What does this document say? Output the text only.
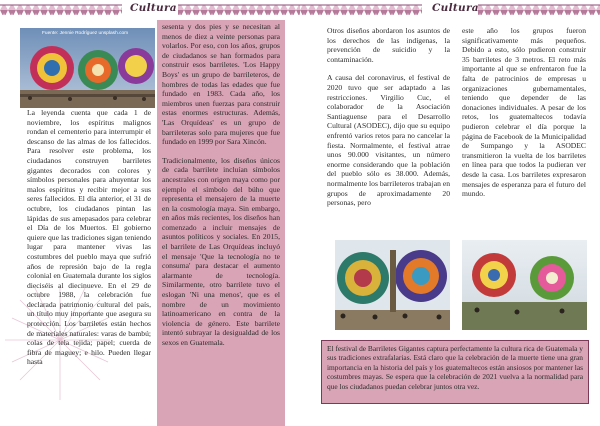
Cultura	Cultura
Fuente: Jennie Rodríguez unsplash.com

La leyenda cuenta que cada 1 de noviembre, los espíritus malignos rondan el cementerio para interrumpir el descanso de las almas de los fallecidos. Para resolver este problema, los ciudadanos construyen barriletes gigantes decorados con colores y símbolos personales para ahuyentar los malos espíritus y recibir mejor a sus seres fallecidos. El día anterior, el 31 de octubre, los ciudadanos pintan las lápidas de sus amepasados para celebrar el Día de los Muertos. El gobierno quiere que las tradiciones sigan teniendo lugar para mantener vivas las costumbres del pueblo maya que sufrió años de represión bajo de la regla colonial en Guatemala durante los siglos dieciséis al diecinueve. En el 29 de octubre 1988, la celebración fue declarada patrimonio cultural del país, un título muy importante que asegura su protección. Los barriletes están hechos de materiales naturales: varas de bambú; colas de tela tejida; papel; cuerda de fibra de maguey; e hilo. Pueden llegar hasta

sesenta y dos pies y se necesitan al menos de diez a veinte personas para volarlos. Por eso, con los años, grupos de ciudadanos se han formados para construir esos barriletes. 'Los Happy Boys' es un grupo de barrileteros, de hombres de todas las edades que fue fundado en 1983. Cada año, los miembros unen fuerzas para construir estas enormes estructuras. Además, 'Las Orquídeas' es un grupo de barrileteras solo para mujeres que fue fundado en 1999 por Sara Xincón.

Tradicionalmente, los diseños únicos de cada barrilete incluían símbolos ancestrales con origen maya como por ejemplo el símbolo del búho que representa el mensajero de la muerte en la cosmología maya. Sin embargo, en años más recientes, los diseños han comenzado a incluir mensajes de asuntos políticos y sociales. En 2015, el barrilete de Las Orquídeas incluyó el mensaje 'Que la tecnología no te consuma' para destacar el aumento alarmante de tecnología. Similarmente, otro barrilete tuvo el eslogan 'Ni una menos', que es el nombre de un movimiento latinoamericano en contra de la violencia de género. Este barrilete intentó subrayar la desigualdad de los sexos en Guatemala.

Otros diseños abordaron los asuntos de los derechos de las indígenas, la prevención de suicidio y la contaminación.

A causa del coronavirus, el festival de 2020 tuvo que ser adaptado a las restricciones. Virgilio Cuc, el colaborador de la Asociación Santiaguense para el Desarrollo Cultural (ASODEC), dijo que su equipo enfrentó varios retos para no cancelar la fiesta. Normalmente, el festival atrae unos 90.000 visitantes, un número enorme considerando que la población del pueblo sólo es 38.000. Además, normalmente los barrileteros trabajan en grupos de aproximadamente 20 personas, pero

este año los grupos fueron significativamente más pequeños. Debido a esto, sólo pudieron construir 35 barriletes de 3 metros. El reto más importante al que se enfrentaron fue la falta de patrocinios de empresas u organizaciones gubernamentales, teniendo que depender de las donaciones individuales. A pesar de los retos, los guatemaltecos todavía pudieron celebrar el día porque la página de Facebook de la Municipalidad de Sumpango y la ASODEC transmitieron la vuelta de los barriletes en línea para que todos la pudieran ver desde la casa. Los barriletes expresaron mensajes de esperanza para el futuro del mundo.

El festival de Barriletes Gigantes captura perfectamente la cultura rica de Guatemala y sus tradiciones extrafalarias. Está claro que la celebración de la muerte tiene una gran importancia en la historia del país y los guatemaltecos están ansiosos por mantener las costumbres mayas. Se espera que la celebración de 2021 vuelva a la normalidad para que los ciudadanos puedan celebrar juntos otra vez.
